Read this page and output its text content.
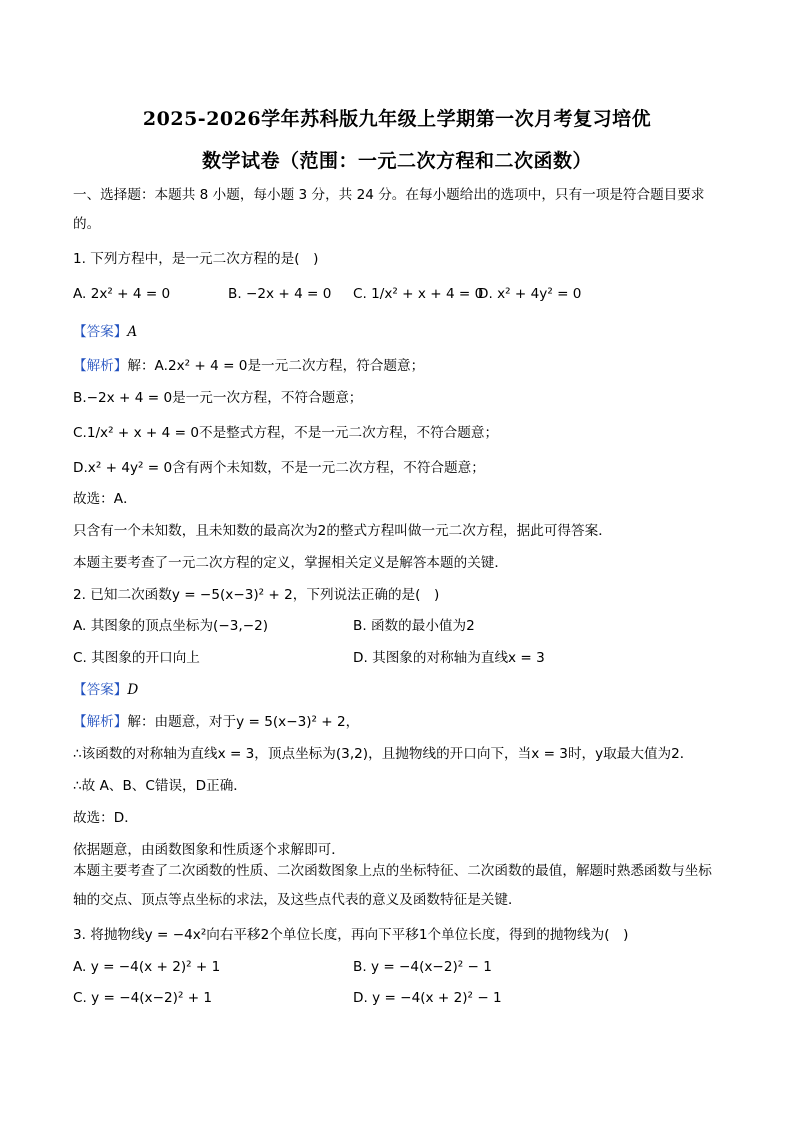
2025-2026学年苏科版九年级上学期第一次月考复习培优
数学试卷（范围：一元二次方程和二次函数）
一、选择题：本题共 8 小题，每小题 3 分，共 24 分。在每小题给出的选项中，只有一项是符合题目要求的。
1. 下列方程中，是一元二次方程的是(　)
A. 2x² + 4 = 0	B. −2x + 4 = 0 C. 1/x² + x + 4 = 0
D. x² + 4y² = 0
【答案】A
【解析】解：A.2x² + 4 = 0是一元二次方程，符合题意；
B.−2x + 4 = 0是一元一次方程，不符合题意；
C.1/x² + x + 4 = 0不是整式方程，不是一元二次方程，不符合题意；
D.x² + 4y² = 0含有两个未知数，不是一元二次方程，不符合题意；
故选：A．
只含有一个未知数，且未知数的最高次为2的整式方程叫做一元二次方程，据此可得答案．
本题主要考查了一元二次方程的定义，掌握相关定义是解答本题的关键．
2. 已知二次函数y = −5(x−3)² + 2，下列说法正确的是(　)
A. 其图象的顶点坐标为(−3,−2)	B. 函数的最小值为2
C. 其图象的开口向上	D. 其图象的对称轴为直线x = 3
【答案】D
【解析】解：由题意，对于y = 5(x−3)² + 2，
∴该函数的对称轴为直线x = 3，顶点坐标为(3,2)，且抛物线的开口向下，当x = 3时，y取最大值为2．
∴故 A、B、C错误，D正确．
故选：D．
依据题意，由函数图象和性质逐个求解即可．
本题主要考查了二次函数的性质、二次函数图象上点的坐标特征、二次函数的最值，解题时熟悉函数与坐标轴的交点、顶点等点坐标的求法，及这些点代表的意义及函数特征是关键．
3. 将抛物线y = −4x²向右平移2个单位长度，再向下平移1个单位长度，得到的抛物线为(　)
A. y = −4(x + 2)² + 1	B. y = −4(x−2)² − 1
C. y = −4(x−2)² + 1	D. y = −4(x + 2)² − 1
